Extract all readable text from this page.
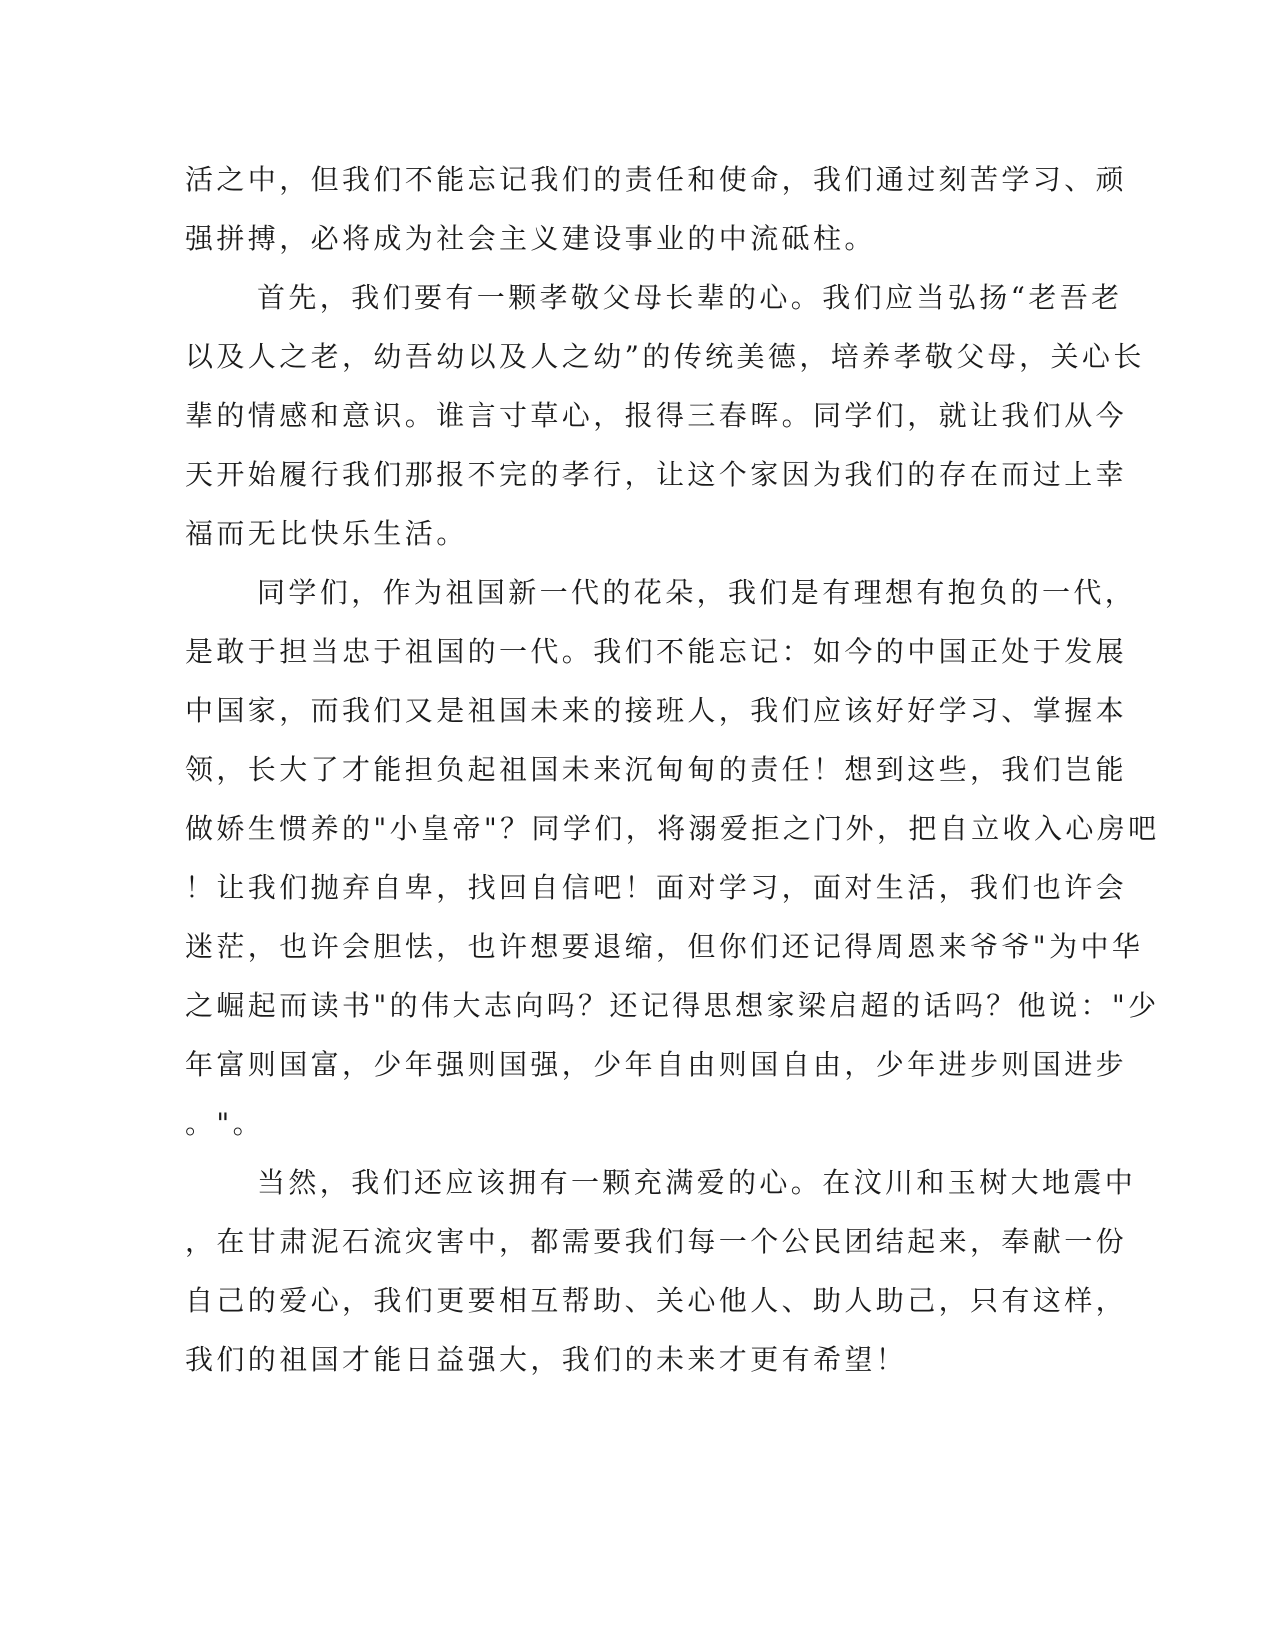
活之中，但我们不能忘记我们的责任和使命，我们通过刻苦学习、顽
强拼搏，必将成为社会主义建设事业的中流砥柱。
首先，我们要有一颗孝敬父母长辈的心。我们应当弘扬“老吾老
以及人之老，幼吾幼以及人之幼”的传统美德，培养孝敬父母，关心长
辈的情感和意识。谁言寸草心，报得三春晖。同学们，就让我们从今
天开始履行我们那报不完的孝行，让这个家因为我们的存在而过上幸
福而无比快乐生活。
同学们，作为祖国新一代的花朵，我们是有理想有抱负的一代，
是敢于担当忠于祖国的一代。我们不能忘记：如今的中国正处于发展
中国家，而我们又是祖国未来的接班人，我们应该好好学习、掌握本
领，长大了才能担负起祖国未来沉甸甸的责任！想到这些，我们岂能
做娇生惯养的"小皇帝"？同学们，将溺爱拒之门外，把自立收入心房吧
！让我们抛弃自卑，找回自信吧！面对学习，面对生活，我们也许会
迷茫，也许会胆怯，也许想要退缩，但你们还记得周恩来爷爷"为中华
之崛起而读书"的伟大志向吗？还记得思想家梁启超的话吗？他说："少
年富则国富，少年强则国强，少年自由则国自由，少年进步则国进步
。"。
当然，我们还应该拥有一颗充满爱的心。在汶川和玉树大地震中
，在甘肃泥石流灾害中，都需要我们每一个公民团结起来，奉献一份
自己的爱心，我们更要相互帮助、关心他人、助人助己，只有这样，
我们的祖国才能日益强大，我们的未来才更有希望！
